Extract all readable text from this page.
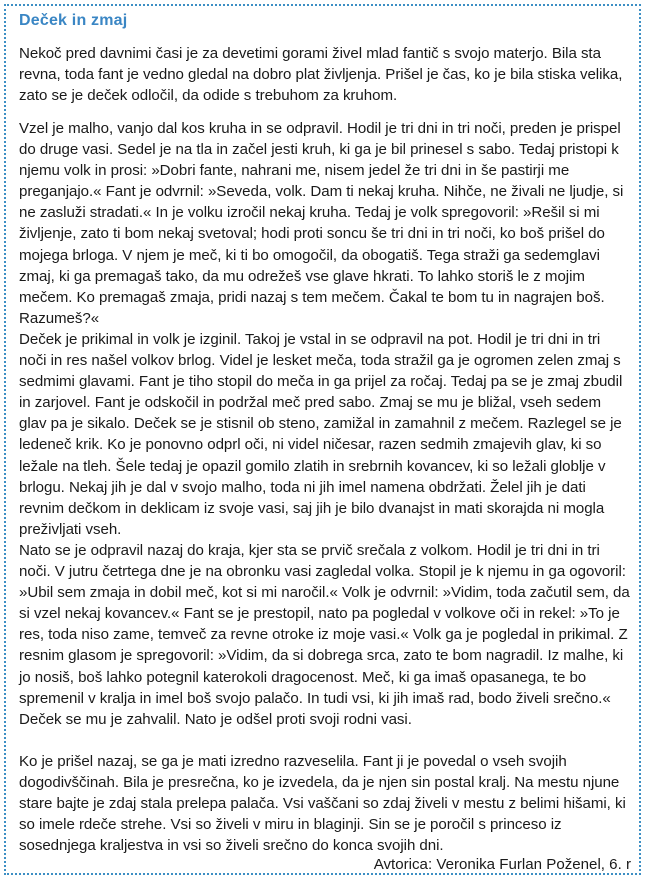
Deček in zmaj

Nekoč pred davnimi časi je za devetimi gorami živel mlad fantič s svojo materjo. Bila sta revna, toda fant je vedno gledal na dobro plat življenja. Prišel je čas, ko je bila stiska velika, zato se je deček odločil, da odide s trebuhom za kruhom.

Vzel je malho, vanjo dal kos kruha in se odpravil. Hodil je tri dni in tri noči, preden je prispel do druge vasi. Sedel je na tla in začel jesti kruh, ki ga je bil prinesel s sabo. Tedaj pristopi k njemu volk in prosi: »Dobri fante, nahrani me, nisem jedel že tri dni in še pastirji me preganjajo.« Fant je odvrnil: »Seveda, volk. Dam ti nekaj kruha. Nihče, ne živali ne ljudje, si ne zasluži stradati.« In je volku izročil nekaj kruha. Tedaj je volk spregovoril: »Rešil si mi življenje, zato ti bom nekaj svetoval; hodi proti soncu še tri dni in tri noči, ko boš prišel do mojega brloga. V njem je meč, ki ti bo omogočil, da obogatiš. Tega straži ga sedemglavi zmaj, ki ga premagaš tako, da mu odrežeš vse glave hkrati. To lahko storiš le z mojim mečem. Ko premagaš zmaja, pridi nazaj s tem mečem. Čakal te bom tu in nagrajen boš. Razumeš?«

Deček je prikimal in volk je izginil. Takoj je vstal in se odpravil na pot. Hodil je tri dni in tri noči in res našel volkov brlog. Videl je lesket meča, toda stražil ga je ogromen zelen zmaj s sedmimi glavami. Fant je tiho stopil do meča in ga prijel za ročaj. Tedaj pa se je zmaj zbudil in zarjovel. Fant je odskočil in podržal meč pred sabo. Zmaj se mu je bližal, vseh sedem glav pa je sikalo. Deček se je stisnil ob steno, zamižal in zamahnil z mečem. Razlegel se je ledeneč krik. Ko je ponovno odprl oči, ni videl ničesar, razen sedmih zmajevih glav, ki so ležale na tleh. Šele tedaj je opazil gomilo zlatih in srebrnih kovancev, ki so ležali globlje v brlogu. Nekaj jih je dal v svojo malho, toda ni jih imel namena obdržati. Želel jih je dati revnim dečkom in deklicam iz svoje vasi, saj jih je bilo dvanajst in mati skorajda ni mogla preživljati vseh.

Nato se je odpravil nazaj do kraja, kjer sta se prvič srečala z volkom. Hodil je tri dni in tri noči. V jutru četrtega dne je na obronku vasi zagledal volka. Stopil je k njemu in ga ogovoril: »Ubil sem zmaja in dobil meč, kot si mi naročil.« Volk je odvrnil: »Vidim, toda začutil sem, da si vzel nekaj kovancev.« Fant se je prestopil, nato pa pogledal v volkove oči in rekel: »To je res, toda niso zame, temveč za revne otroke iz moje vasi.« Volk ga je pogledal in prikimal. Z resnim glasom je spregovoril: »Vidim, da si dobrega srca, zato te bom nagradil. Iz malhe, ki jo nosiš, boš lahko potegnil katerokoli dragocenost. Meč, ki ga imaš opasanega, te bo spremenil v kralja in imel boš svojo palačo. In tudi vsi, ki jih imaš rad, bodo živeli srečno.« Deček se mu je zahvalil. Nato je odšel proti svoji rodni vasi.

Ko je prišel nazaj, se ga je mati izredno razveselila. Fant ji je povedal o vseh svojih dogodivščinah. Bila je presrečna, ko je izvedela, da je njen sin postal kralj. Na mestu njune stare bajte je zdaj stala prelepa palača. Vsi vaščani so zdaj živeli v mestu z belimi hišami, ki so imele rdeče strehe. Vsi so živeli v miru in blaginji. Sin se je poročil s princeso iz sosednjega kraljestva in vsi so živeli srečno do konca svojih dni.

Avtorica: Veronika Furlan Poženel, 6. r
